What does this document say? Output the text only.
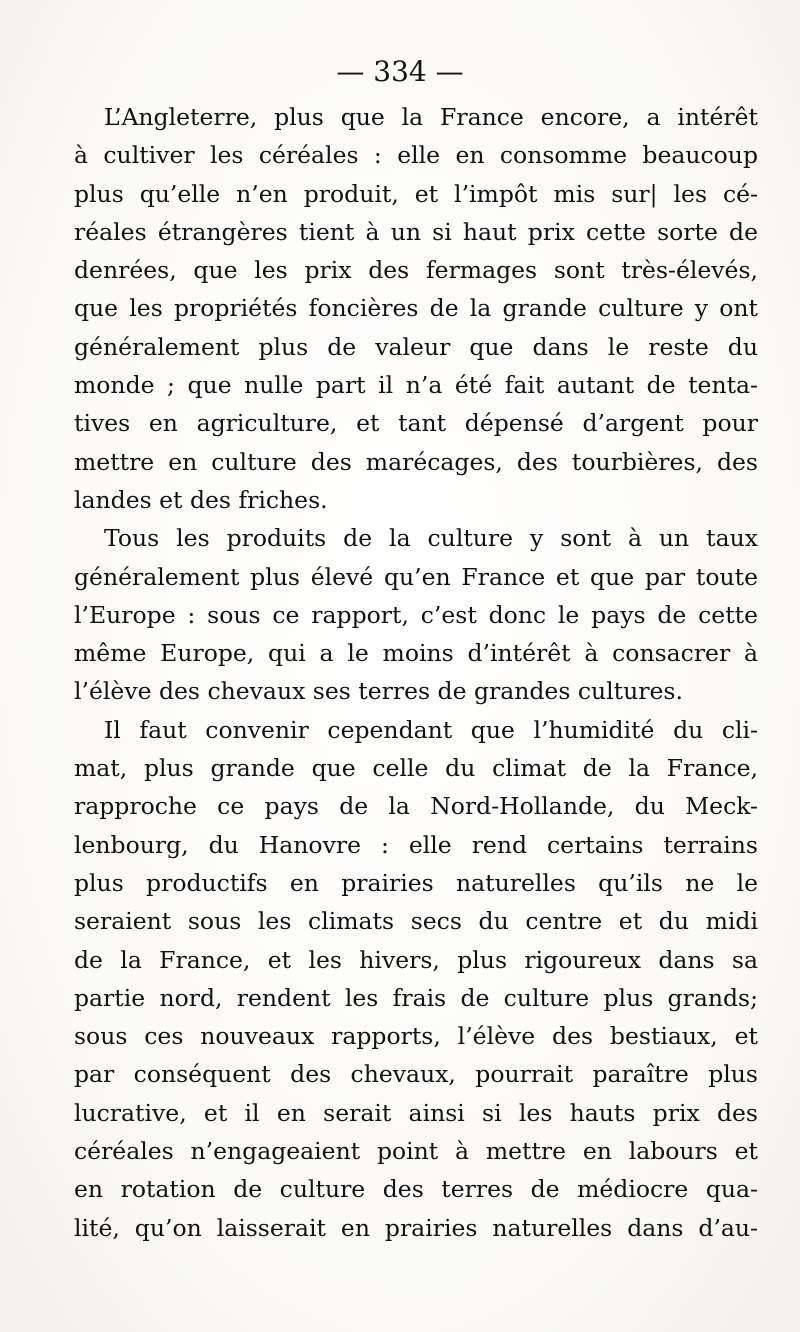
— 334 —
L’Angleterre, plus que la France encore, a intérêt
à cultiver les céréales : elle en consomme beaucoup
plus qu’elle n’en produit, et l’impôt mis sur| les cé-
réales étrangères tient à un si haut prix cette sorte de
denrées, que les prix des fermages sont très-élevés,
que les propriétés foncières de la grande culture y ont
généralement plus de valeur que dans le reste du
monde ; que nulle part il n’a été fait autant de tenta-
tives en agriculture, et tant dépensé d’argent pour
mettre en culture des marécages, des tourbières, des
landes et des friches.
Tous les produits de la culture y sont à un taux
généralement plus élevé qu’en France et que par toute
l’Europe : sous ce rapport, c’est donc le pays de cette
même Europe, qui a le moins d’intérêt à consacrer à
l’élève des chevaux ses terres de grandes cultures.
Il faut convenir cependant que l’humidité du cli-
mat, plus grande que celle du climat de la France,
rapproche ce pays de la Nord-Hollande, du Meck-
lenbourg, du Hanovre : elle rend certains terrains
plus productifs en prairies naturelles qu’ils ne le
seraient sous les climats secs du centre et du midi
de la France, et les hivers, plus rigoureux dans sa
partie nord, rendent les frais de culture plus grands;
sous ces nouveaux rapports, l’élève des bestiaux, et
par conséquent des chevaux, pourrait paraître plus
lucrative, et il en serait ainsi si les hauts prix des
céréales n’engageaient point à mettre en labours et
en rotation de culture des terres de médiocre qua-
lité, qu’on laisserait en prairies naturelles dans d’au-
